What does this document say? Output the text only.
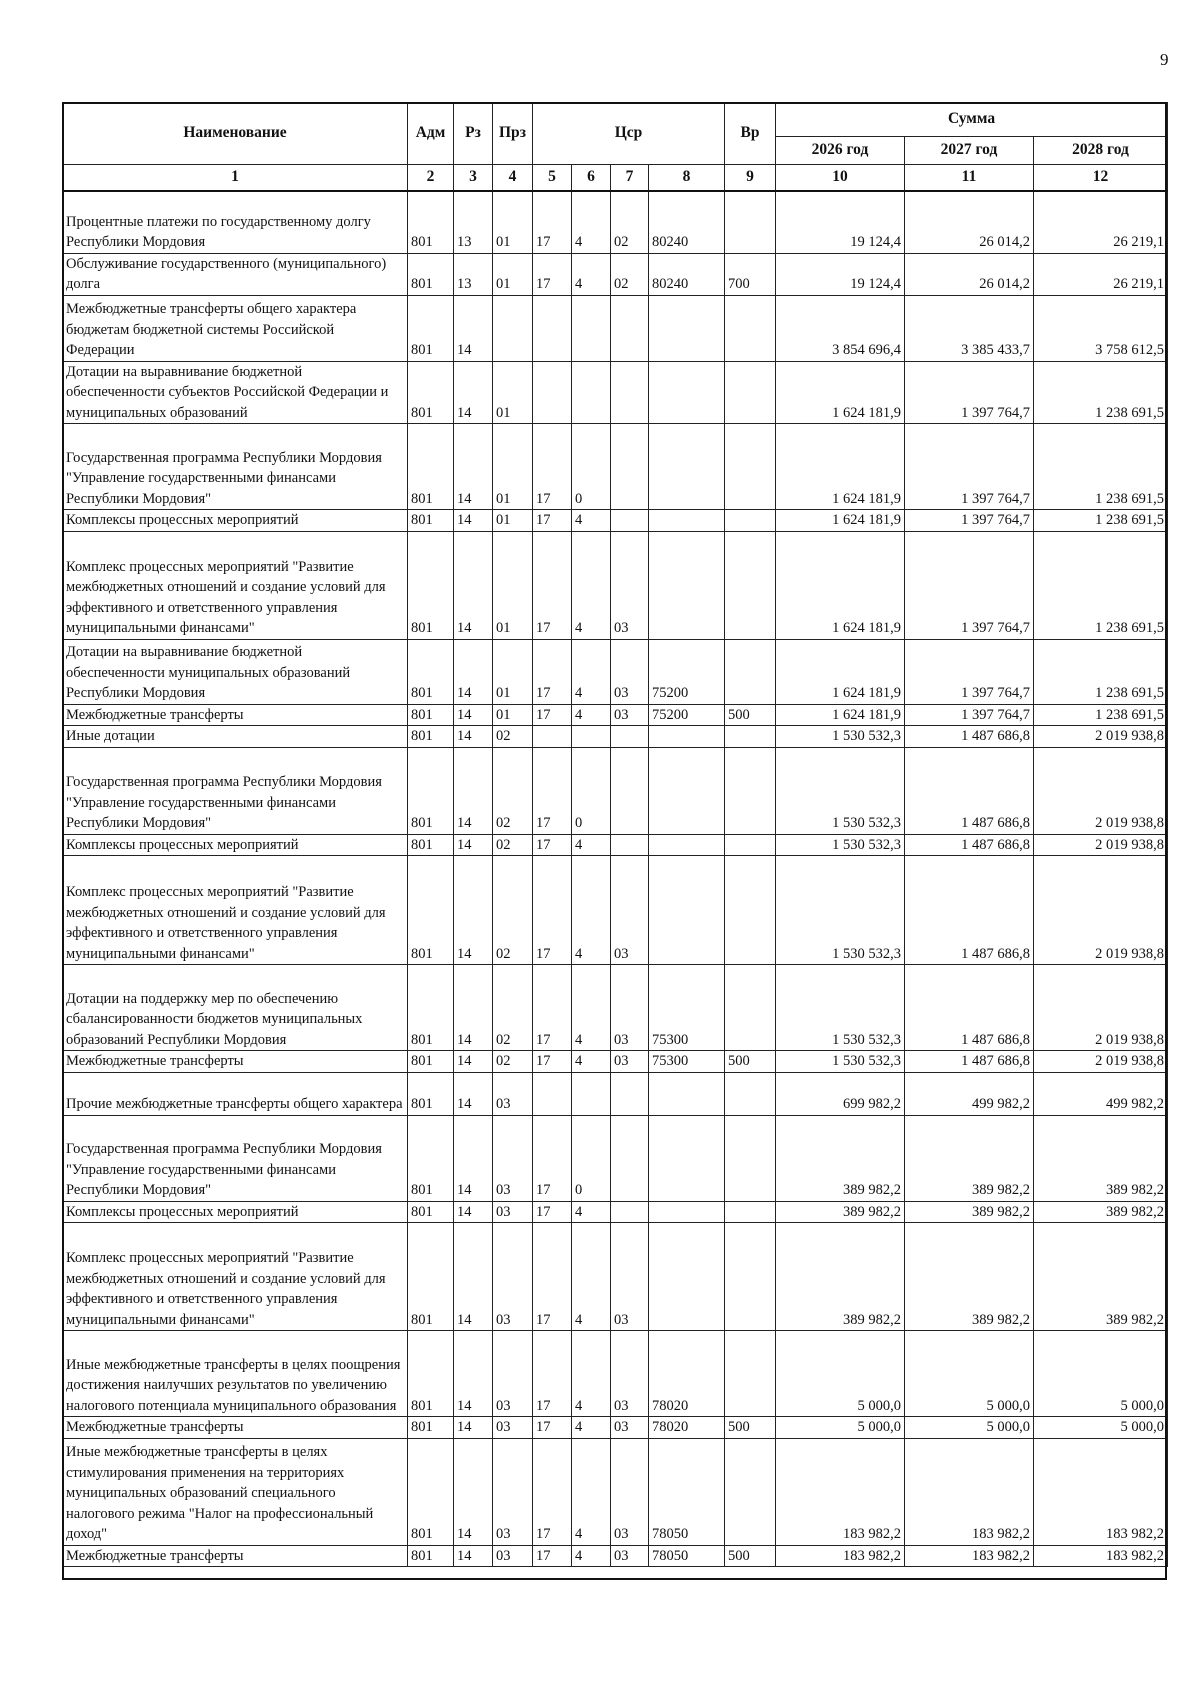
9
Наименование	Адм	Рз	Прз	Цср				Вр	Сумма		
									2026 год	2027 год	2028 год
1	2	3	4	5	6	7	8	9	10	11	12
Процентные платежи по государственному долгу Республики Мордовия	801	13	01	17	4	02	80240		19 124,4	26 014,2	26 219,1
Обслуживание государственного (муниципального) долга	801	13	01	17	4	02	80240	700	19 124,4	26 014,2	26 219,1
Межбюджетные трансферты общего характера бюджетам бюджетной системы Российской Федерации	801	14							3 854 696,4	3 385 433,7	3 758 612,5
Дотации на выравнивание бюджетной обеспеченности субъектов Российской Федерации и муниципальных образований	801	14	01						1 624 181,9	1 397 764,7	1 238 691,5
Государственная программа Республики Мордовия "Управление государственными финансами Республики Мордовия"	801	14	01	17	0				1 624 181,9	1 397 764,7	1 238 691,5
Комплексы процессных мероприятий	801	14	01	17	4				1 624 181,9	1 397 764,7	1 238 691,5
Комплекс процессных мероприятий "Развитие межбюджетных отношений и создание условий для эффективного и ответственного управления муниципальными финансами"	801	14	01	17	4	03			1 624 181,9	1 397 764,7	1 238 691,5
Дотации на выравнивание бюджетной обеспеченности муниципальных образований Республики Мордовия	801	14	01	17	4	03	75200		1 624 181,9	1 397 764,7	1 238 691,5
Межбюджетные трансферты	801	14	01	17	4	03	75200	500	1 624 181,9	1 397 764,7	1 238 691,5
Иные дотации	801	14	02						1 530 532,3	1 487 686,8	2 019 938,8
Государственная программа Республики Мордовия "Управление государственными финансами Республики Мордовия"	801	14	02	17	0				1 530 532,3	1 487 686,8	2 019 938,8
Комплексы процессных мероприятий	801	14	02	17	4				1 530 532,3	1 487 686,8	2 019 938,8
Комплекс процессных мероприятий "Развитие межбюджетных отношений и создание условий для эффективного и ответственного управления муниципальными финансами"	801	14	02	17	4	03			1 530 532,3	1 487 686,8	2 019 938,8
Дотации на поддержку мер по обеспечению сбалансированности бюджетов муниципальных образований Республики Мордовия	801	14	02	17	4	03	75300		1 530 532,3	1 487 686,8	2 019 938,8
Межбюджетные трансферты	801	14	02	17	4	03	75300	500	1 530 532,3	1 487 686,8	2 019 938,8
Прочие межбюджетные трансферты общего характера	801	14	03						699 982,2	499 982,2	499 982,2
Государственная программа Республики Мордовия "Управление государственными финансами Республики Мордовия"	801	14	03	17	0				389 982,2	389 982,2	389 982,2
Комплексы процессных мероприятий	801	14	03	17	4				389 982,2	389 982,2	389 982,2
Комплекс процессных мероприятий "Развитие межбюджетных отношений и создание условий для эффективного и ответственного управления муниципальными финансами"	801	14	03	17	4	03			389 982,2	389 982,2	389 982,2
Иные межбюджетные трансферты в целях поощрения достижения наилучших результатов по увеличению налогового потенциала муниципального образования	801	14	03	17	4	03	78020		5 000,0	5 000,0	5 000,0
Межбюджетные трансферты	801	14	03	17	4	03	78020	500	5 000,0	5 000,0	5 000,0
Иные межбюджетные трансферты в целях стимулирования применения на территориях муниципальных образований специального налогового режима "Налог на профессиональный доход"	801	14	03	17	4	03	78050		183 982,2	183 982,2	183 982,2
Межбюджетные трансферты	801	14	03	17	4	03	78050	500	183 982,2	183 982,2	183 982,2
